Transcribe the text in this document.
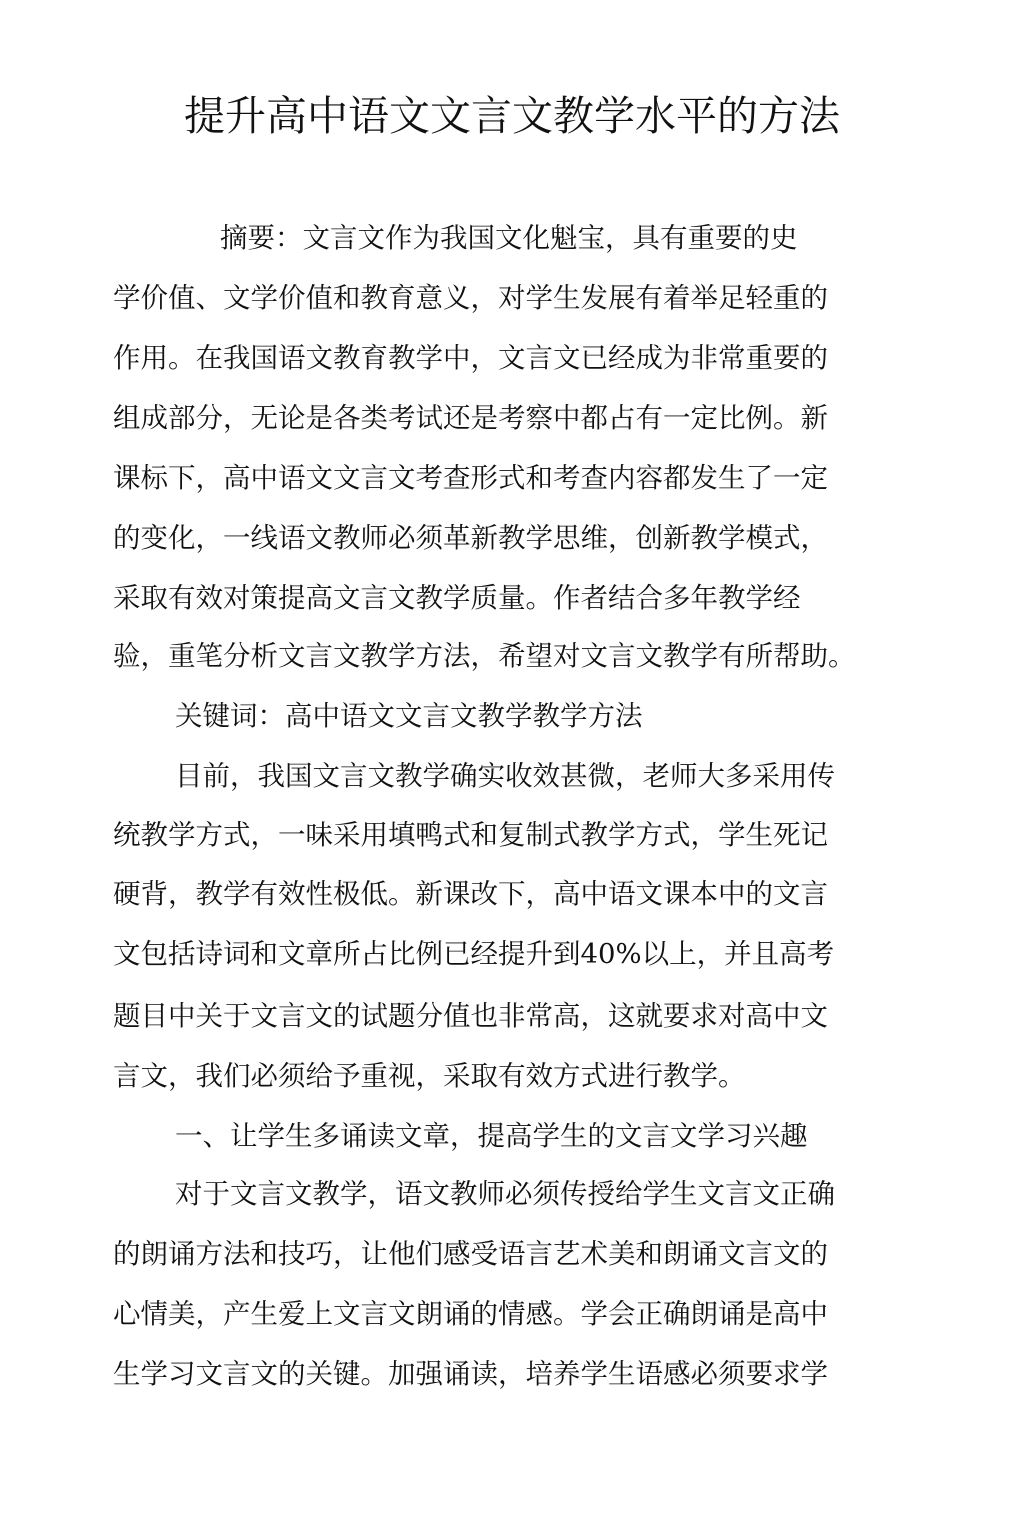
提升高中语文文言文教学水平的方法
摘要：文言文作为我国文化魁宝，具有重要的史
学价值、文学价值和教育意义，对学生发展有着举足轻重的
作用。在我国语文教育教学中，文言文已经成为非常重要的
组成部分，无论是各类考试还是考察中都占有一定比例。新
课标下，高中语文文言文考查形式和考查内容都发生了一定
的变化，一线语文教师必须革新教学思维，创新教学模式，
采取有效对策提高文言文教学质量。作者结合多年教学经
验，重笔分析文言文教学方法，希望对文言文教学有所帮助。
关键词：高中语文文言文教学教学方法
目前，我国文言文教学确实收效甚微，老师大多采用传
统教学方式，一味采用填鸭式和复制式教学方式，学生死记
硬背，教学有效性极低。新课改下，高中语文课本中的文言
文包括诗词和文章所占比例已经提升到40%以上，并且高考
题目中关于文言文的试题分值也非常高，这就要求对高中文
言文，我们必须给予重视，采取有效方式进行教学。
一、让学生多诵读文章，提高学生的文言文学习兴趣
对于文言文教学，语文教师必须传授给学生文言文正确
的朗诵方法和技巧，让他们感受语言艺术美和朗诵文言文的
心情美，产生爱上文言文朗诵的情感。学会正确朗诵是高中
生学习文言文的关键。加强诵读，培养学生语感必须要求学
